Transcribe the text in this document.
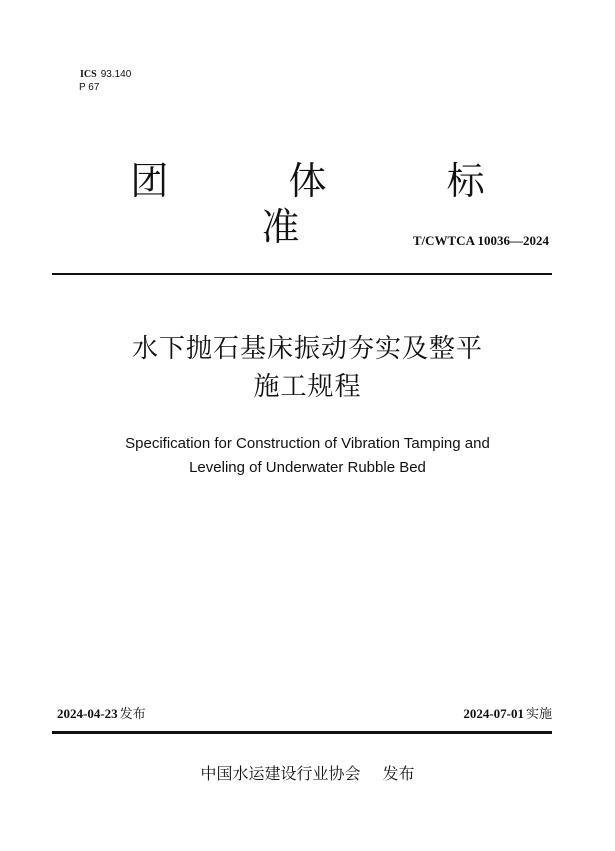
ICS 93.140
P 67
团 体 标 准	T/CWTCA 10036—2024
水下抛石基床振动夯实及整平
施工规程
Specification for Construction of Vibration Tamping and
Leveling of Underwater Rubble Bed
2024-04-23 发布	2024-07-01 实施
中国水运建设行业协会 发布
